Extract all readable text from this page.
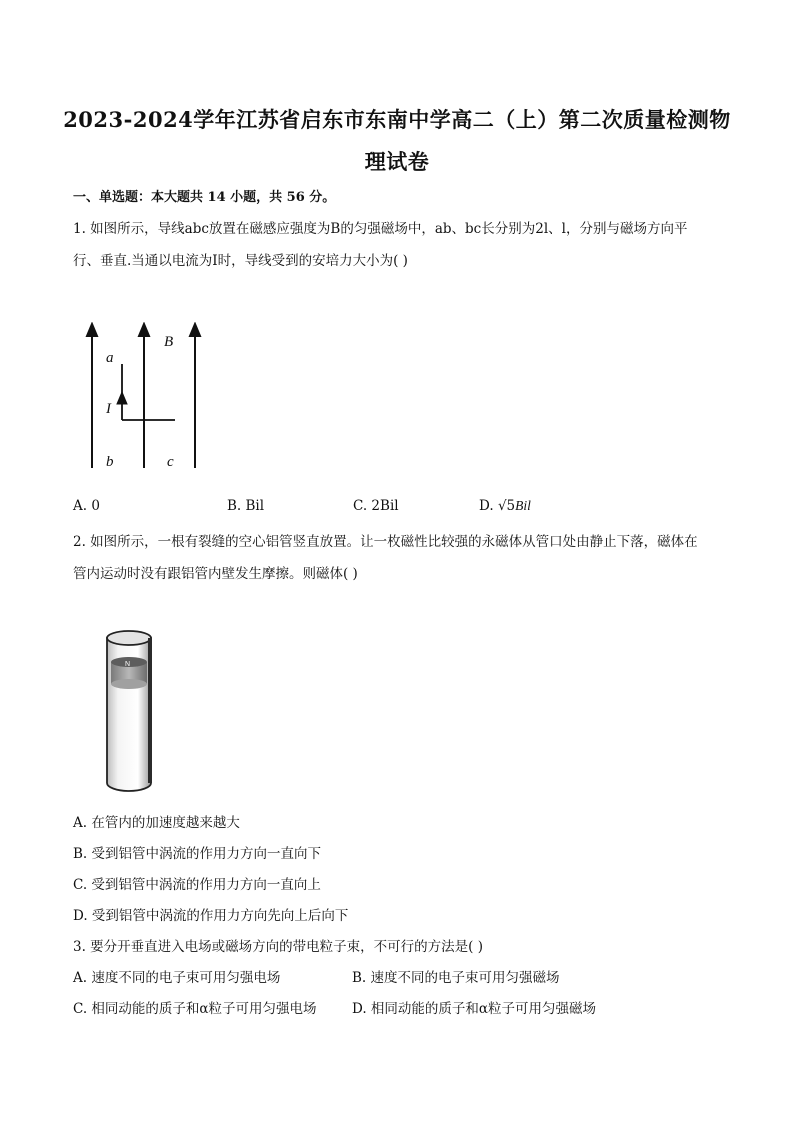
2023-2024学年江苏省启东市东南中学高二（上）第二次质量检测物
理试卷
一、单选题：本大题共 14 小题，共 56 分。
1. 如图所示，导线abc放置在磁感应强度为B的匀强磁场中，ab、bc长分别为2l、l，分别与磁场方向平
行、垂直.当通以电流为I时，导线受到的安培力大小为( )
a
B
I
b	c
A. 0	B. Bil	C. 2Bil	D. √5Bil
2. 如图所示，一根有裂缝的空心铝管竖直放置。让一枚磁性比较强的永磁体从管口处由静止下落，磁体在
管内运动时没有跟铝管内壁发生摩擦。则磁体( )
N
A. 在管内的加速度越来越大
B. 受到铝管中涡流的作用力方向一直向下
C. 受到铝管中涡流的作用力方向一直向上
D. 受到铝管中涡流的作用力方向先向上后向下
3. 要分开垂直进入电场或磁场方向的带电粒子束，不可行的方法是( )
A. 速度不同的电子束可用匀强电场	B. 速度不同的电子束可用匀强磁场
C. 相同动能的质子和α粒子可用匀强电场	D. 相同动能的质子和α粒子可用匀强磁场
